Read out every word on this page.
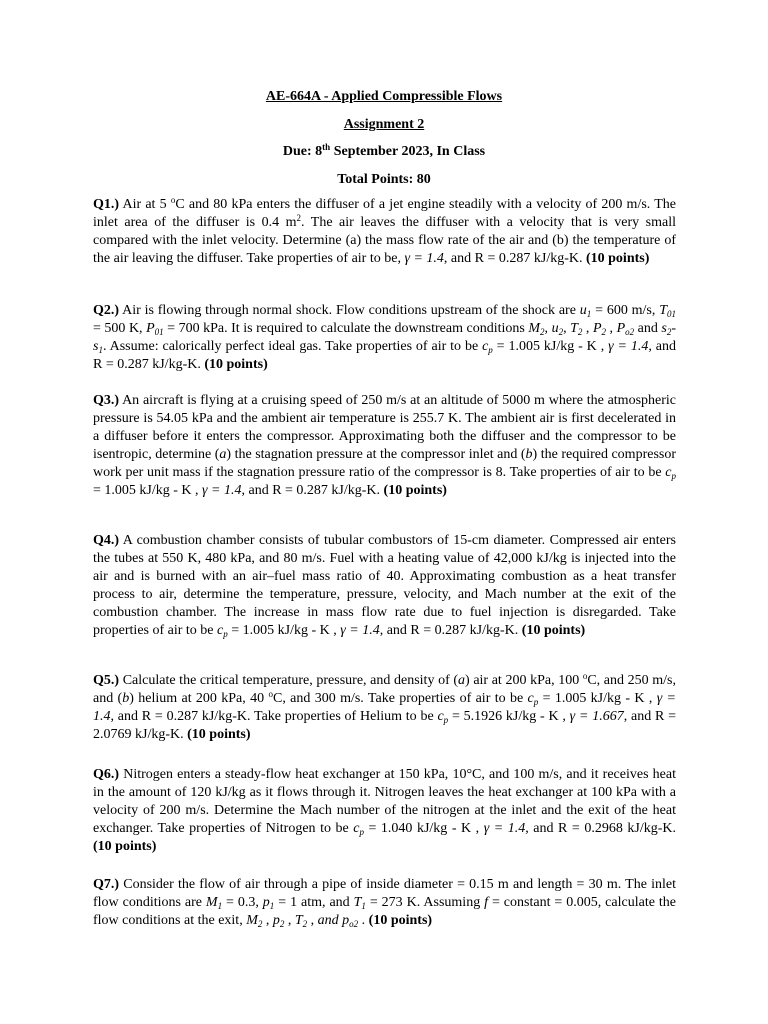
AE-664A - Applied Compressible Flows
Assignment 2
Due: 8th September 2023, In Class
Total Points: 80
Q1.) Air at 5 $^o$C and 80 kPa enters the diffuser of a jet engine steadily with a velocity of 200 m/s. The inlet area of the diffuser is 0.4 $m^2$. The air leaves the diffuser with a velocity that is very small compared with the inlet velocity. Determine (a) the mass flow rate of the air and (b) the temperature of the air leaving the diffuser. Take properties of air to be, γ = 1.4, and R = 0.287 kJ/kg-K. (10 points)
Q2.) Air is flowing through normal shock. Flow conditions upstream of the shock are $u_1 = 600$ m/s, $T_{01} = 500$ K, $P_{01} = 700$ kPa. It is required to calculate the downstream conditions $M_2$, $u_2$, $T_2$ , $P_2$ , $P_{o2}$ and $s_2-s_1$. Assume: calorically perfect ideal gas. Take properties of air to be $c_p = 1.005$ kJ/kg - K , γ = 1.4, and R = 0.287 kJ/kg-K. (10 points)
Q3.) An aircraft is flying at a cruising speed of 250 m/s at an altitude of 5000 m where the atmospheric pressure is 54.05 kPa and the ambient air temperature is 255.7 K. The ambient air is first decelerated in a diffuser before it enters the compressor. Approximating both the diffuser and the compressor to be isentropic, determine (a) the stagnation pressure at the compressor inlet and (b) the required compressor work per unit mass if the stagnation pressure ratio of the compressor is 8. Take properties of air to be $c_p = 1.005$ kJ/kg - K , γ = 1.4, and R = 0.287 kJ/kg-K. (10 points)
Q4.) A combustion chamber consists of tubular combustors of 15-cm diameter. Compressed air enters the tubes at 550 K, 480 kPa, and 80 m/s. Fuel with a heating value of 42,000 kJ/kg is injected into the air and is burned with an air–fuel mass ratio of 40. Approximating combustion as a heat transfer process to air, determine the temperature, pressure, velocity, and Mach number at the exit of the combustion chamber. The increase in mass flow rate due to fuel injection is disregarded. Take properties of air to be $c_p = 1.005$ kJ/kg - K , γ = 1.4, and R = 0.287 kJ/kg-K. (10 points)
Q5.) Calculate the critical temperature, pressure, and density of (a) air at 200 kPa, 100 $^o$C, and 250 m/s, and (b) helium at 200 kPa, 40 $^o$C, and 300 m/s. Take properties of air to be $c_p = 1.005$ kJ/kg - K , γ = 1.4, and R = 0.287 kJ/kg-K. Take properties of Helium to be $c_p = 5.1926$ kJ/kg - K , γ = 1.667, and R = 2.0769 kJ/kg-K. (10 points)
Q6.) Nitrogen enters a steady-flow heat exchanger at 150 kPa, 10°C, and 100 m/s, and it receives heat in the amount of 120 kJ/kg as it flows through it. Nitrogen leaves the heat exchanger at 100 kPa with a velocity of 200 m/s. Determine the Mach number of the nitrogen at the inlet and the exit of the heat exchanger. Take properties of Nitrogen to be $c_p = 1.040$ kJ/kg - K , γ = 1.4, and R = 0.2968 kJ/kg-K. (10 points)
Q7.) Consider the flow of air through a pipe of inside diameter = 0.15 m and length = 30 m. The inlet flow conditions are $M_1 = 0.3$, $p_1 = 1$ atm, and $T_1 = 273$ K. Assuming f = constant = 0.005, calculate the flow conditions at the exit, $M_2$ , $p_2$ , $T_2$ , and $p_{o2}$ . (10 points)
